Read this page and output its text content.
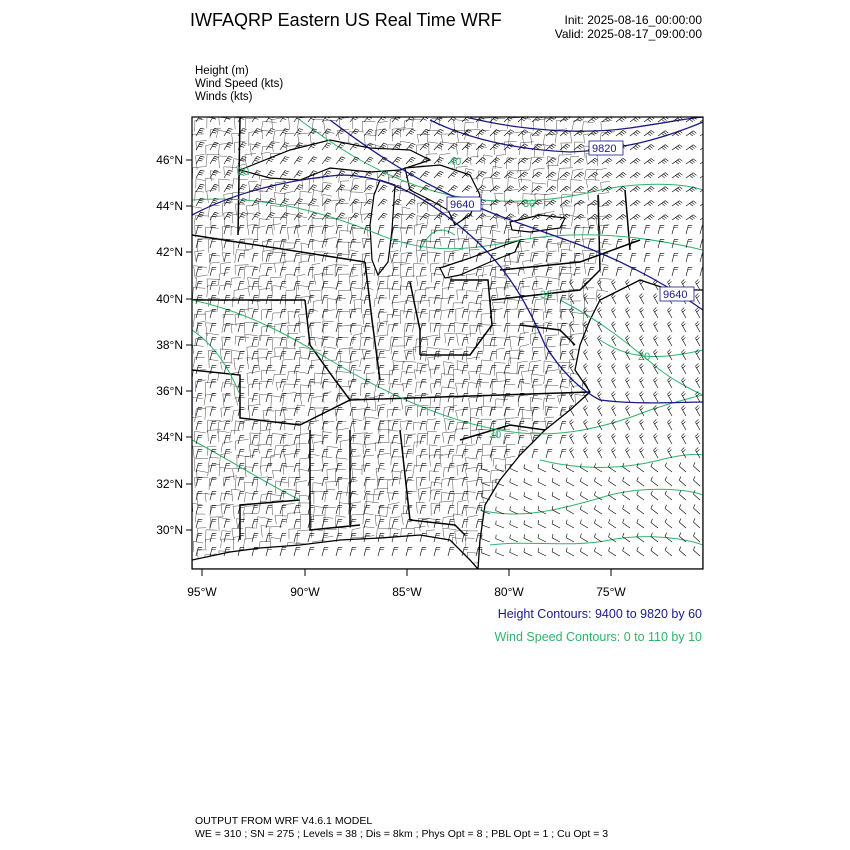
IWFAQRP Eastern US Real Time WRF	Init: 2025-08-16_00:00:00
Valid: 2025-08-17_09:00:00
Height (m)
Wind Speed (kts)
Winds (kts)
9820
9640
9640
40
20
30
30
20
30
46°N
44°N
42°N
40°N
38°N
36°N
34°N
32°N
30°N
95°W	90°W	85°W	80°W	75°W
Height Contours: 9400 to 9820 by 60
Wind Speed Contours: 0 to 110 by 10
OUTPUT FROM WRF V4.6.1 MODEL
WE = 310 ; SN = 275 ; Levels = 38 ; Dis = 8km ; Phys Opt = 8 ; PBL Opt = 1 ; Cu Opt = 3
